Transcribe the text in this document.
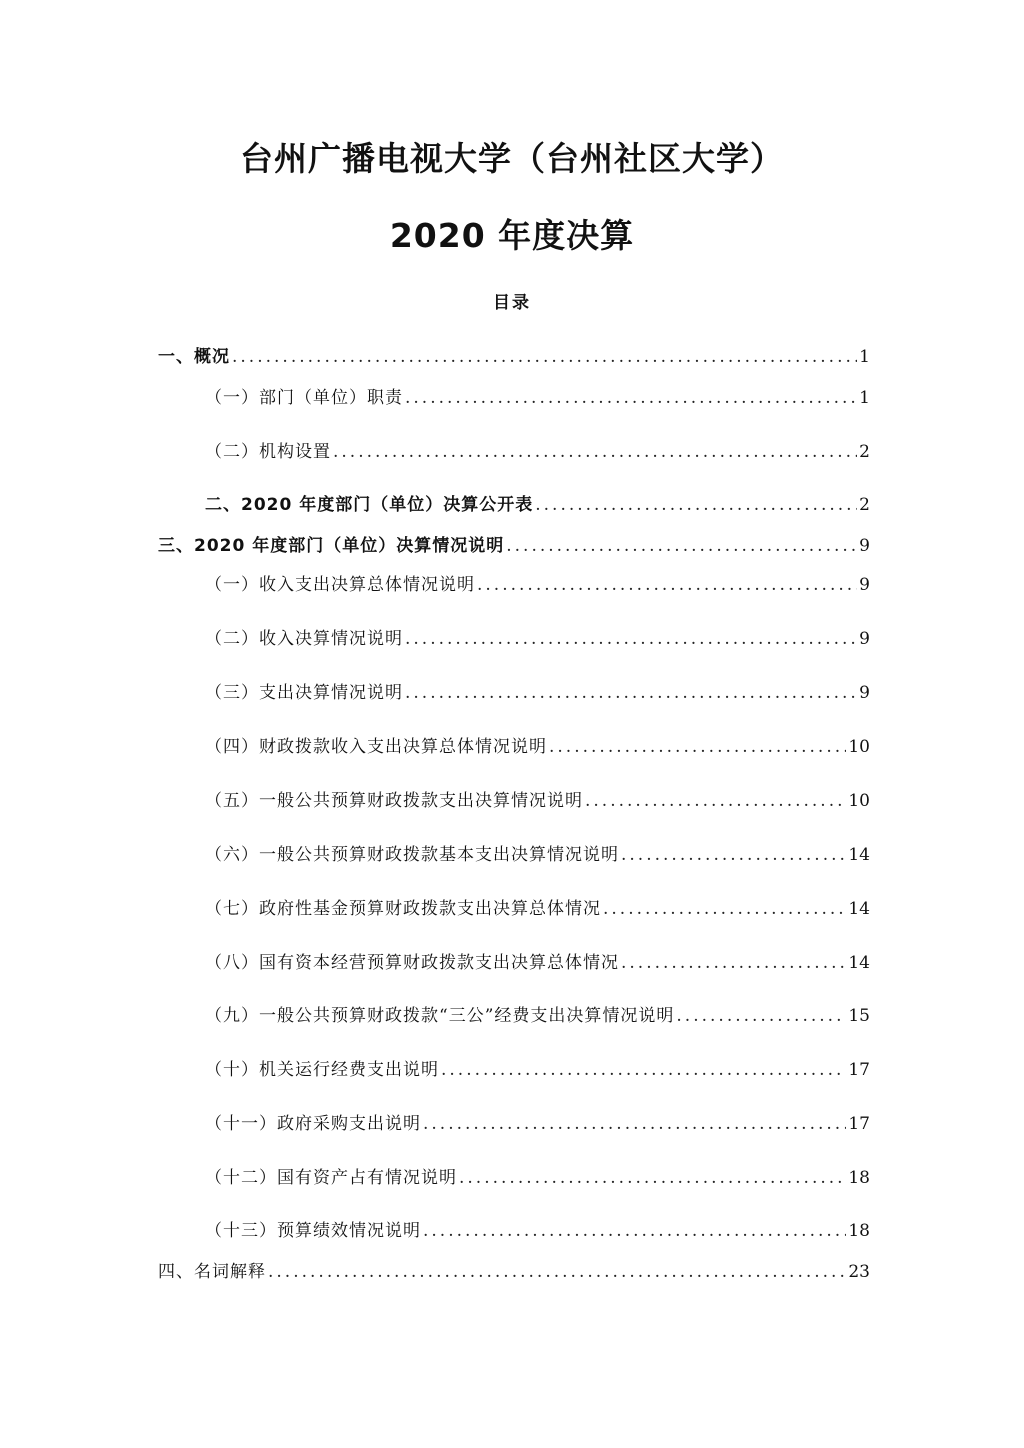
台州广播电视大学（台州社区大学）
2020 年度决算
目录
一、概况 .....	1
（一）部门（单位）职责 .....	1
（二）机构设置 .....	2
二、2020 年度部门（单位）决算公开表 .....	2
三、2020 年度部门（单位）决算情况说明 .....	9
（一）收入支出决算总体情况说明 .....	9
（二）收入决算情况说明 .....	9
（三）支出决算情况说明 .....	9
（四）财政拨款收入支出决算总体情况说明 .....	10
（五）一般公共预算财政拨款支出决算情况说明 .....	10
（六）一般公共预算财政拨款基本支出决算情况说明 .....	14
（七）政府性基金预算财政拨款支出决算总体情况 .....	14
（八）国有资本经营预算财政拨款支出决算总体情况 .....	14
（九）一般公共预算财政拨款“三公”经费支出决算情况说明 .....	15
（十）机关运行经费支出说明 .....	17
（十一）政府采购支出说明 .....	17
（十二）国有资产占有情况说明 .....	18
（十三）预算绩效情况说明 .....	18
四、名词解释 .....	23
